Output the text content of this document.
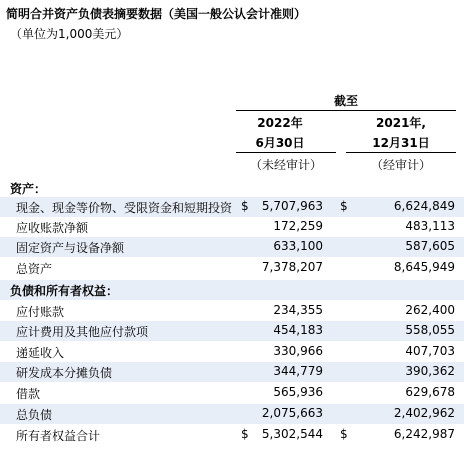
简明合并资产负债表摘要数据（美国一般公认会计准则）
（单位为1,000美元）
截至
2022年	2021年,
6月30日	12月31日
（未经审计）	（经审计）
资产：
现金、现金等价物、受限资金和短期投资 $ 5,707,963 $	6,624,849
应收账款净额	172,259	483,113
固定资产与设备净额	633,100	587,605
总资产	7,378,207	8,645,949
负债和所有者权益：
应付账款	234,355	262,400
应计费用及其他应付款项	454,183	558,055
递延收入	330,966	407,703
研发成本分摊负债	344,779	390,362
借款	565,936	629,678
总负债	2,075,663	2,402,962
所有者权益合计	$ 5,302,544 $	6,242,987
